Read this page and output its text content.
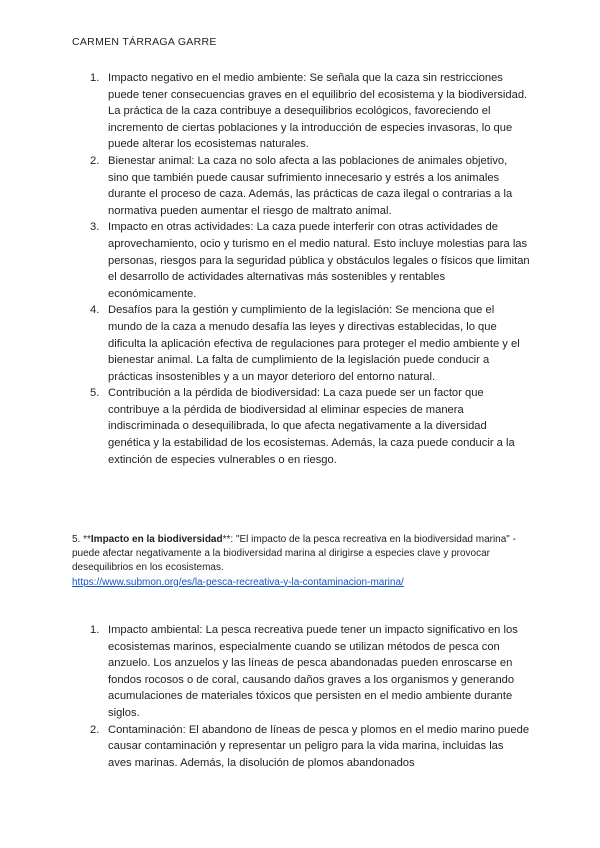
CARMEN TÁRRAGA GARRE
1. Impacto negativo en el medio ambiente: Se señala que la caza sin restricciones puede tener consecuencias graves en el equilibrio del ecosistema y la biodiversidad. La práctica de la caza contribuye a desequilibrios ecológicos, favoreciendo el incremento de ciertas poblaciones y la introducción de especies invasoras, lo que puede alterar los ecosistemas naturales.
2. Bienestar animal: La caza no solo afecta a las poblaciones de animales objetivo, sino que también puede causar sufrimiento innecesario y estrés a los animales durante el proceso de caza. Además, las prácticas de caza ilegal o contrarias a la normativa pueden aumentar el riesgo de maltrato animal.
3. Impacto en otras actividades: La caza puede interferir con otras actividades de aprovechamiento, ocio y turismo en el medio natural. Esto incluye molestias para las personas, riesgos para la seguridad pública y obstáculos legales o físicos que limitan el desarrollo de actividades alternativas más sostenibles y rentables económicamente.
4. Desafíos para la gestión y cumplimiento de la legislación: Se menciona que el mundo de la caza a menudo desafía las leyes y directivas establecidas, lo que dificulta la aplicación efectiva de regulaciones para proteger el medio ambiente y el bienestar animal. La falta de cumplimiento de la legislación puede conducir a prácticas insostenibles y a un mayor deterioro del entorno natural.
5. Contribución a la pérdida de biodiversidad: La caza puede ser un factor que contribuye a la pérdida de biodiversidad al eliminar especies de manera indiscriminada o desequilibrada, lo que afecta negativamente a la diversidad genética y la estabilidad de los ecosistemas. Además, la caza puede conducir a la extinción de especies vulnerables o en riesgo.
5. **Impacto en la biodiversidad**: "El impacto de la pesca recreativa en la biodiversidad marina" - puede afectar negativamente a la biodiversidad marina al dirigirse a especies clave y provocar desequilibrios en los ecosistemas.
https://www.submon.org/es/la-pesca-recreativa-y-la-contaminacion-marina/
1. Impacto ambiental: La pesca recreativa puede tener un impacto significativo en los ecosistemas marinos, especialmente cuando se utilizan métodos de pesca con anzuelo. Los anzuelos y las líneas de pesca abandonadas pueden enroscarse en fondos rocosos o de coral, causando daños graves a los organismos y generando acumulaciones de materiales tóxicos que persisten en el medio ambiente durante siglos.
2. Contaminación: El abandono de líneas de pesca y plomos en el medio marino puede causar contaminación y representar un peligro para la vida marina, incluidas las aves marinas. Además, la disolución de plomos abandonados
